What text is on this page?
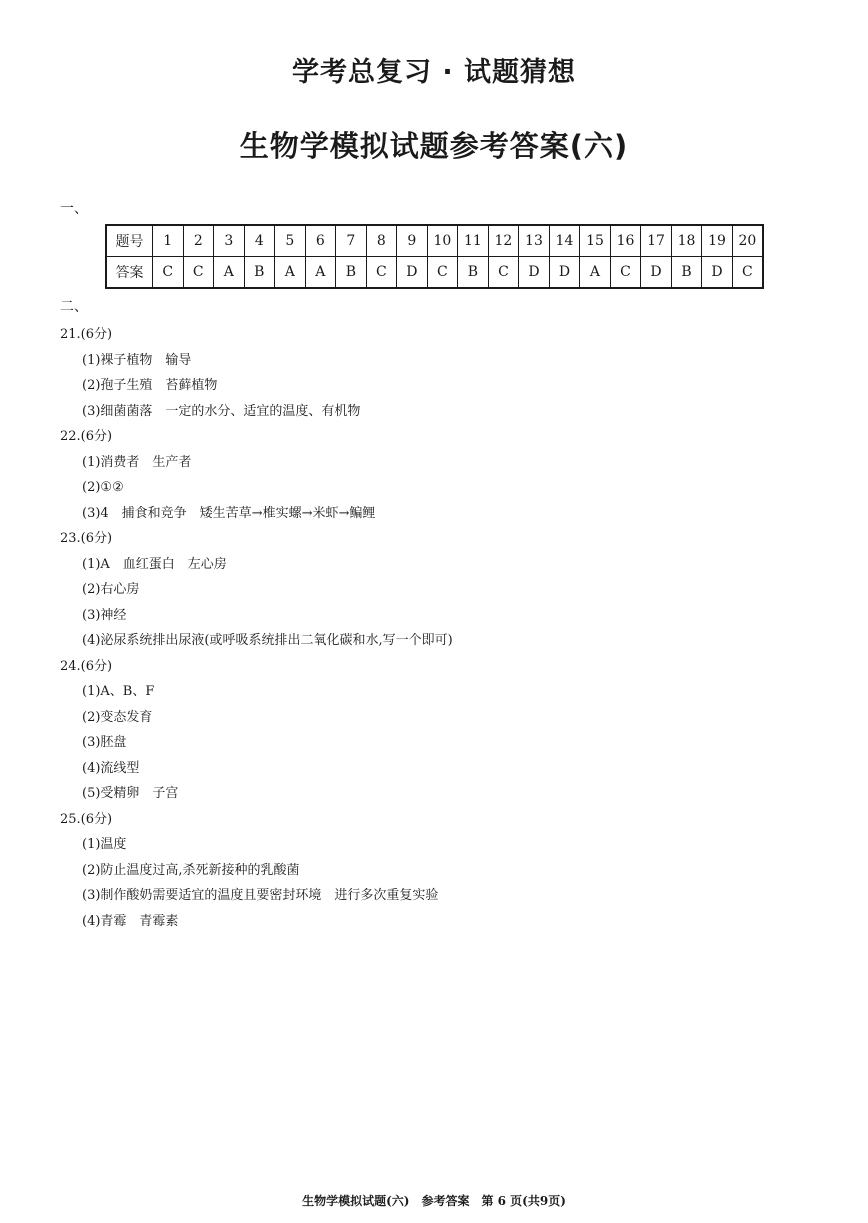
学考总复习 · 试题猜想
生物学模拟试题参考答案(六)
一、
题号	1	2	3	4	5	6	7	8	9	10	11	12	13	14	15	16	17	18	19	20
答案	C	C	A	B	A	A	B	C	D	C	B	C	D	D	A	C	D	B	D	C
二、
21.(6分)
(1)裸子植物　输导
(2)孢子生殖　苔藓植物
(3)细菌菌落　一定的水分、适宜的温度、有机物
22.(6分)
(1)消费者　生产者
(2)①②
(3)4　捕食和竞争　矮生苦草→椎实螺→米虾→鳊鲤
23.(6分)
(1)A　血红蛋白　左心房
(2)右心房
(3)神经
(4)泌尿系统排出尿液(或呼吸系统排出二氧化碳和水,写一个即可)
24.(6分)
(1)A、B、F
(2)变态发育
(3)胚盘
(4)流线型
(5)受精卵　子宫
25.(6分)
(1)温度
(2)防止温度过高,杀死新接种的乳酸菌
(3)制作酸奶需要适宜的温度且要密封环境　进行多次重复实验
(4)青霉　青霉素
生物学模拟试题(六)　参考答案　第 6 页(共9页)
